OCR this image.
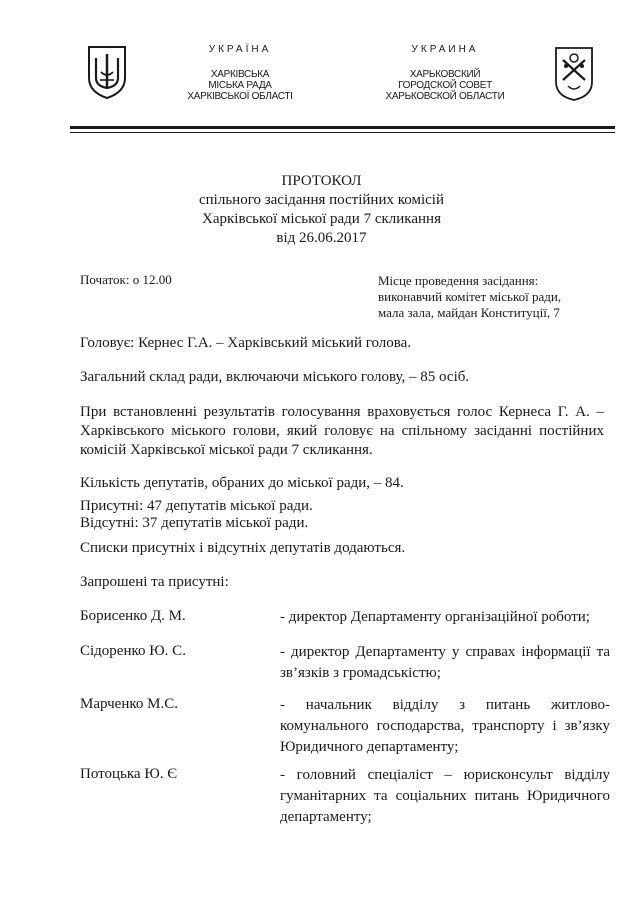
УКРАЇНА
ХАРКІВСЬКА
МІСЬКА РАДА
ХАРКІВСЬКОЇ ОБЛАСТІ
УКРАИНА
ХАРЬКОВСКИЙ
ГОРОДСКОЙ СОВЕТ
ХАРЬКОВСКОЙ ОБЛАСТИ
ПРОТОКОЛ
спільного засідання постійних комісій
Харківської міської ради 7 скликання
від 26.06.2017
Початок: о 12.00	Місце проведення засідання:
виконавчий комітет міської ради,
мала зала, майдан Конституції, 7
Головує: Кернес Г.А. – Харківський міський голова.
Загальний склад ради, включаючи міського голову, – 85 осіб.
При встановленні результатів голосування враховується голос Кернеса Г. А. – Харківського міського голови, який головує на спільному засіданні постійних комісій Харківської міської ради 7 скликання.
Кількість депутатів, обраних до міської ради, – 84.
Присутні: 47 депутатів міської ради.
Відсутні: 37 депутатів міської ради.
Списки присутніх і відсутніх депутатів додаються.
Запрошені та присутні:
Борисенко Д. М.	- директор Департаменту організаційної роботи;
Сідоренко Ю. С.	- директор Департаменту у справах інформації та зв’язків з громадськістю;
Марченко М.С.	- начальник відділу з питань житлово-комунального господарства, транспорту і зв’язку Юридичного департаменту;
Потоцька Ю. Є	- головний спеціаліст – юрисконсульт відділу гуманітарних та соціальних питань Юридичного департаменту;
